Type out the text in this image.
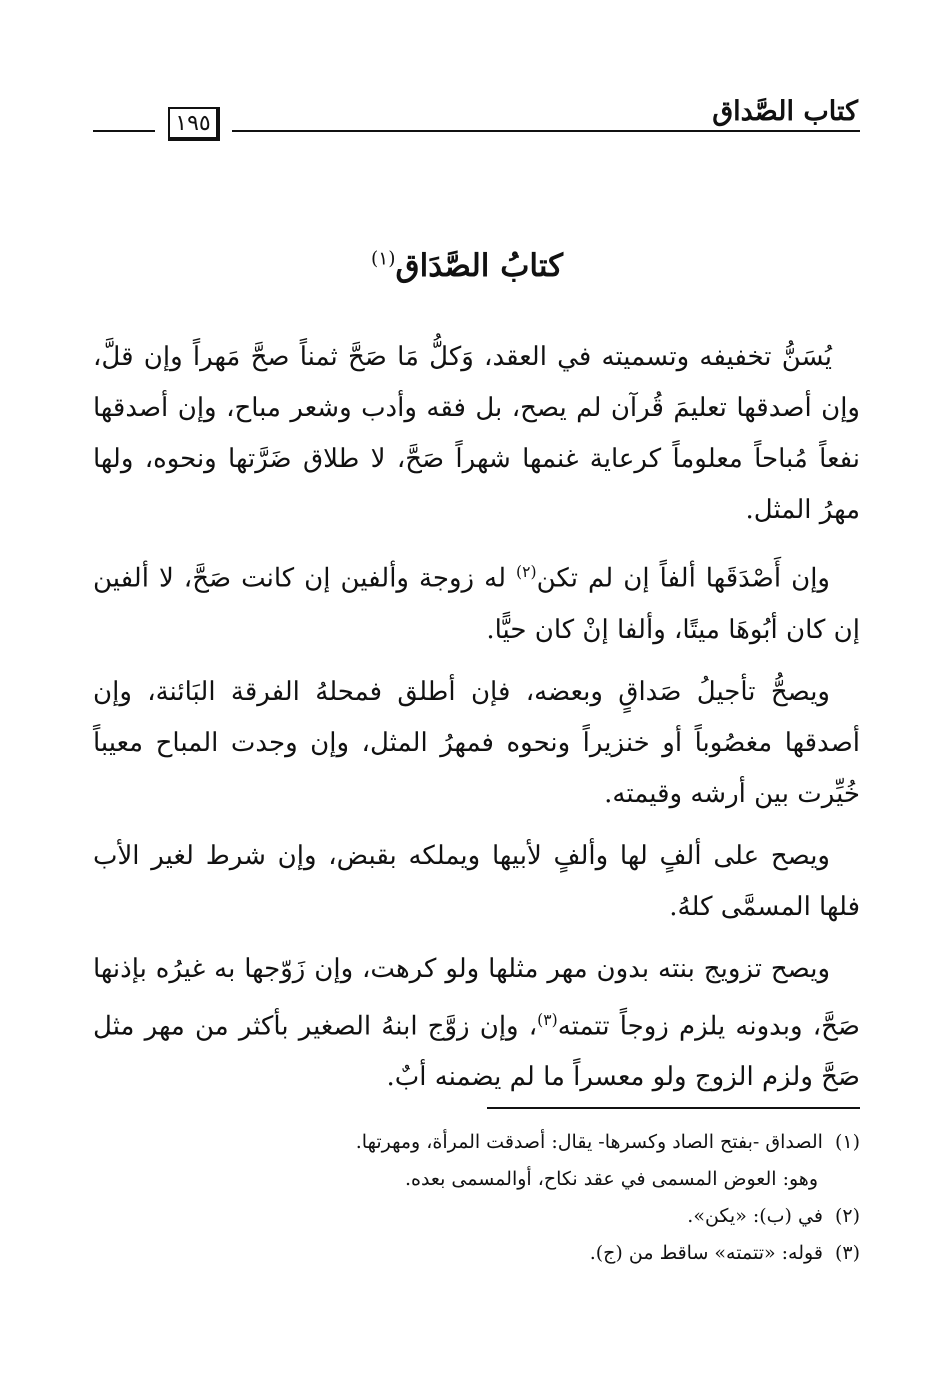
كتاب الصَّداق
١٩٥
كتابُ الصَّدَاق$^{(١)}$

يُسَنُّ تخفيفه وتسميته في العقد، وَكلُّ مَا صَحَّ ثمناً صحَّ مَهراً وإن قلَّ، وإن أصدقها تعليمَ قُرآن لم يصح، بل فقه وأدب وشعر مباح، وإن أصدقها نفعاً مُباحاً معلوماً كرعاية غنمها شهراً صَحَّ، لا طلاق ضَرَّتها ونحوه، ولها مهرُ المثل.

وإن أَصْدَقَها ألفاً إن لم تكن$^{(٢)}$ له زوجة وألفين إن كانت صَحَّ، لا ألفين إن كان أبُوهَا ميتًا، وألفا إنْ كان حيًّا.

ويصحُّ تأجيلُ صَداقٍ وبعضه، فإن أطلق فمحلهُ الفرقة البَائنة، وإن أصدقها مغصُوباً أو خنزيراً ونحوه فمهرُ المثل، وإن وجدت المباح معيباً خُيِّرت بين أرشه وقيمته.

ويصح على ألفٍ لها وألفٍ لأبيها ويملكه بقبض، وإن شرط لغير الأب فلها المسمَّى كلهُ.

ويصح تزويج بنته بدون مهر مثلها ولو كرهت، وإن زَوّجها به غيرُه بإذنها صَحَّ، وبدونه يلزم زوجاً تتمته$^{(٣)}$، وإن زوَّج ابنهُ الصغير بأكثر من مهر مثل صَحَّ ولزم الزوج ولو معسراً ما لم يضمنه أبٌ.

(١)الصداق -بفتح الصاد وكسرها- يقال: أصدقت المرأة، ومهرتها.

وهو: العوض المسمى في عقد نكاح، أوالمسمى بعده.

(٢)في (ب): «يكن».

(٣)قوله: «تتمته» ساقط من (ج).
